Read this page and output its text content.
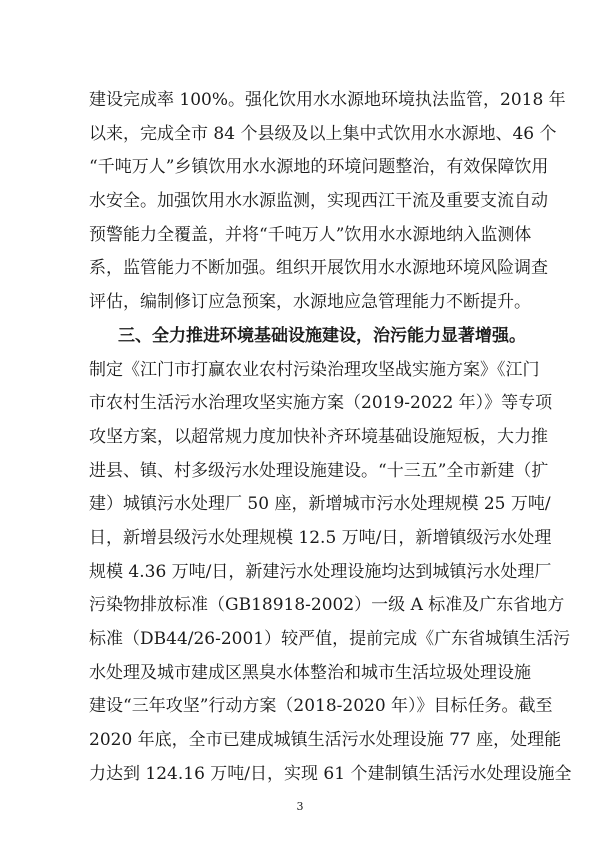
建设完成率 100%。强化饮用水水源地环境执法监管，2018 年
以来，完成全市 84 个县级及以上集中式饮用水水源地、46 个
“千吨万人”乡镇饮用水水源地的环境问题整治，有效保障饮用
水安全。加强饮用水水源监测，实现西江干流及重要支流自动
预警能力全覆盖，并将“千吨万人”饮用水水源地纳入监测体
系，监管能力不断加强。组织开展饮用水水源地环境风险调查
评估，编制修订应急预案，水源地应急管理能力不断提升。
三、全力推进环境基础设施建设，治污能力显著增强。
制定《江门市打赢农业农村污染治理攻坚战实施方案》《江门
市农村生活污水治理攻坚实施方案（2019-2022 年）》等专项
攻坚方案，以超常规力度加快补齐环境基础设施短板，大力推
进县、镇、村多级污水处理设施建设。“十三五”全市新建（扩
建）城镇污水处理厂 50 座，新增城市污水处理规模 25 万吨/
日，新增县级污水处理规模 12.5 万吨/日，新增镇级污水处理
规模 4.36 万吨/日，新建污水处理设施均达到城镇污水处理厂
污染物排放标准（GB18918-2002）一级 A 标准及广东省地方
标准（DB44/26-2001）较严值，提前完成《广东省城镇生活污
水处理及城市建成区黑臭水体整治和城市生活垃圾处理设施
建设“三年攻坚”行动方案（2018-2020 年）》目标任务。截至
2020 年底，全市已建成城镇生活污水处理设施 77 座，处理能
力达到 124.16 万吨/日，实现 61 个建制镇生活污水处理设施全
3
